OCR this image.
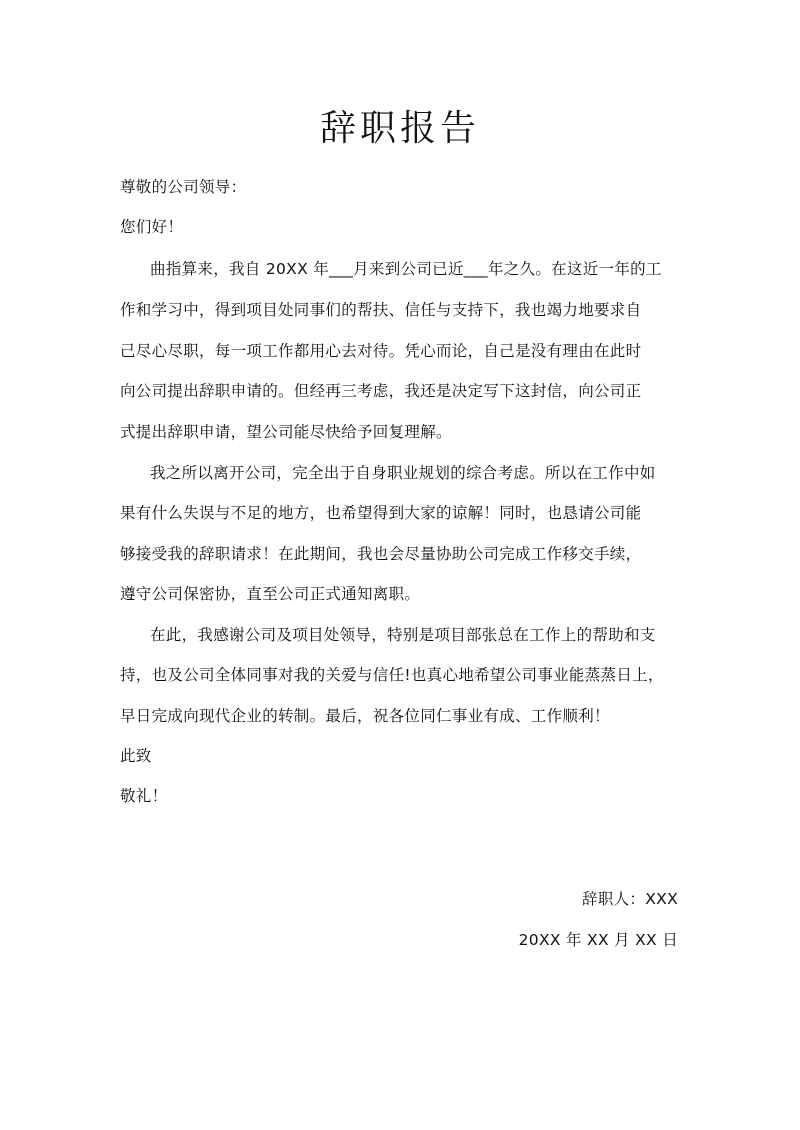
辞职报告

尊敬的公司领导：

您们好！

曲指算来，我自 20XX 年___月来到公司已近___年之久。在这近一年的工

作和学习中，得到项目处同事们的帮扶、信任与支持下，我也竭力地要求自

己尽心尽职，每一项工作都用心去对待。凭心而论，自己是没有理由在此时

向公司提出辞职申请的。但经再三考虑，我还是决定写下这封信，向公司正

式提出辞职申请，望公司能尽快给予回复理解。

我之所以离开公司，完全出于自身职业规划的综合考虑。所以在工作中如

果有什么失误与不足的地方，也希望得到大家的谅解！同时，也恳请公司能

够接受我的辞职请求！在此期间，我也会尽量协助公司完成工作移交手续，

遵守公司保密协，直至公司正式通知离职。

在此，我感谢公司及项目处领导，特别是项目部张总在工作上的帮助和支

持，也及公司全体同事对我的关爱与信任!也真心地希望公司事业能蒸蒸日上，

早日完成向现代企业的转制。最后，祝各位同仁事业有成、工作顺利！

此致

敬礼！

辞职人：XXX

20XX 年 XX 月 XX 日
